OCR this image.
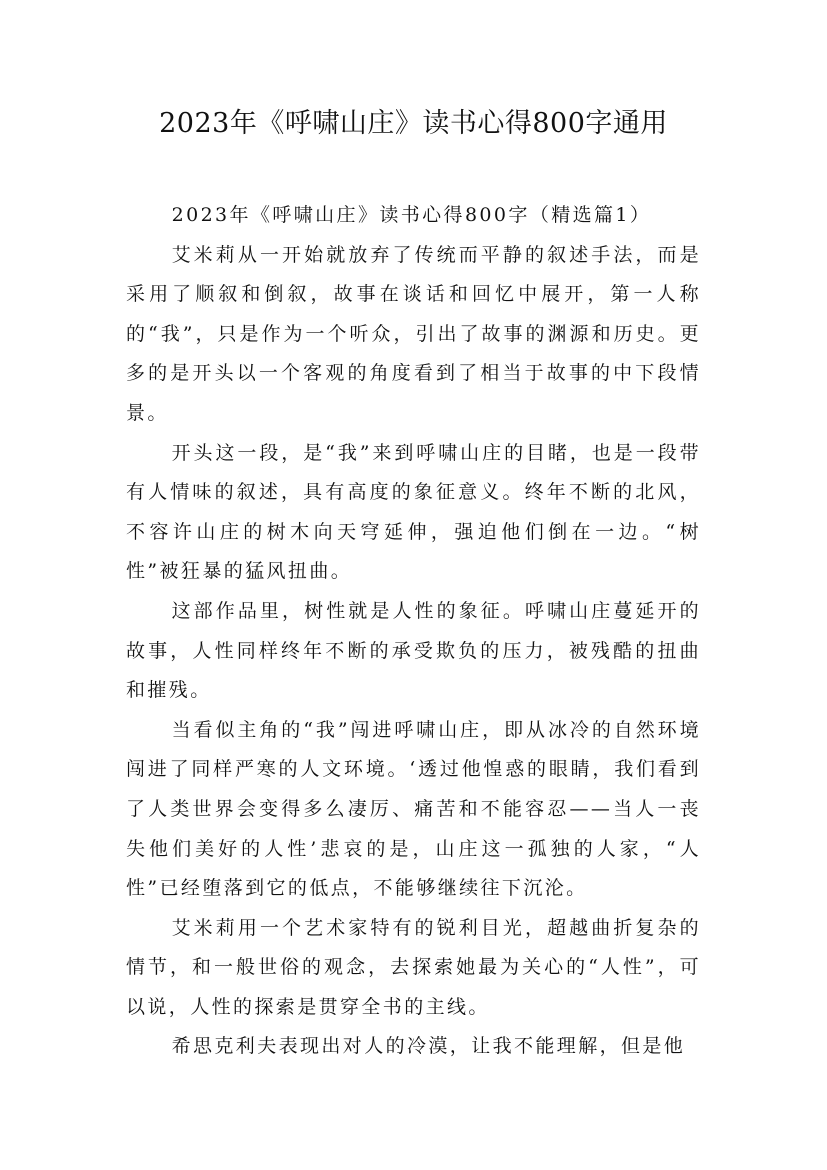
2023年《呼啸山庄》读书心得800字通用

2023年《呼啸山庄》读书心得800字（精选篇1）

艾米莉从一开始就放弃了传统而平静的叙述手法，而是采用了顺叙和倒叙，故事在谈话和回忆中展开，第一人称的“我”，只是作为一个听众，引出了故事的渊源和历史。更多的是开头以一个客观的角度看到了相当于故事的中下段情景。

开头这一段，是“我”来到呼啸山庄的目睹，也是一段带有人情味的叙述，具有高度的象征意义。终年不断的北风，不容许山庄的树木向天穹延伸，强迫他们倒在一边。“树性”被狂暴的猛风扭曲。

这部作品里，树性就是人性的象征。呼啸山庄蔓延开的故事，人性同样终年不断的承受欺负的压力，被残酷的扭曲和摧残。

当看似主角的“我”闯进呼啸山庄，即从冰冷的自然环境闯进了同样严寒的人文环境。‘透过他惶惑的眼睛，我们看到了人类世界会变得多么凄厉、痛苦和不能容忍——当人一丧失他们美好的人性’悲哀的是，山庄这一孤独的人家，“人性”已经堕落到它的低点，不能够继续往下沉沦。

艾米莉用一个艺术家特有的锐利目光，超越曲折复杂的情节，和一般世俗的观念，去探索她最为关心的“人性”，可以说，人性的探索是贯穿全书的主线。

希思克利夫表现出对人的冷漠，让我不能理解，但是他
